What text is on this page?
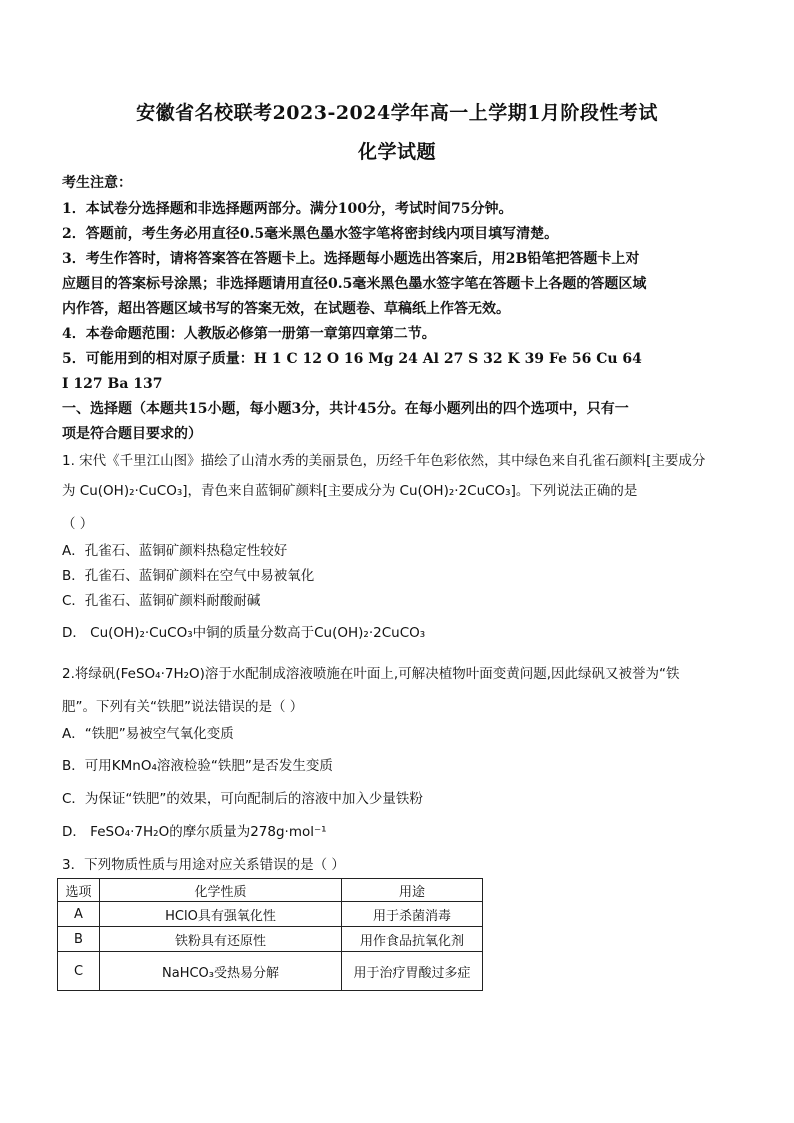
安徽省名校联考2023-2024学年高一上学期1月阶段性考试
化学试题
考生注意：
1．本试卷分选择题和非选择题两部分。满分100分，考试时间75分钟。
2．答题前，考生务必用直径0.5毫米黑色墨水签字笔将密封线内项目填写清楚。
3．考生作答时，请将答案答在答题卡上。选择题每小题选出答案后，用2B铅笔把答题卡上对
应题目的答案标号涂黑；非选择题请用直径0.5毫米黑色墨水签字笔在答题卡上各题的答题区域
内作答，超出答题区域书写的答案无效，在试题卷、草稿纸上作答无效。
4．本卷命题范围：人教版必修第一册第一章第四章第二节。
5．可能用到的相对原子质量：H 1 C 12 O 16 Mg 24 Al 27 S 32 K 39 Fe 56 Cu 64
I 127 Ba 137
一、选择题（本题共15小题，每小题3分，共计45分。在每小题列出的四个选项中，只有一
项是符合题目要求的）
1. 宋代《千里江山图》描绘了山清水秀的美丽景色，历经千年色彩依然，其中绿色来自孔雀石颜料[主要成分
为 Cu(OH)₂·CuCO₃]，青色来自蓝铜矿颜料[主要成分为 Cu(OH)₂·2CuCO₃]。下列说法正确的是
（ ）
A．孔雀石、蓝铜矿颜料热稳定性较好
B．孔雀石、蓝铜矿颜料在空气中易被氧化
C．孔雀石、蓝铜矿颜料耐酸耐碱
D． Cu(OH)₂·CuCO₃中铜的质量分数高于Cu(OH)₂·2CuCO₃
2.将绿矾(FeSO₄·7H₂O)溶于水配制成溶液喷施在叶面上,可解决植物叶面变黄问题,因此绿矾又被誉为“铁
肥”。下列有关“铁肥”说法错误的是（ ）
A．“铁肥”易被空气氧化变质
B．可用KMnO₄溶液检验“铁肥”是否发生变质
C．为保证“铁肥”的效果，可向配制后的溶液中加入少量铁粉
D． FeSO₄·7H₂O的摩尔质量为278g·mol⁻¹
3．下列物质性质与用途对应关系错误的是（ ）
选项	化学性质	用途
A	HClO具有强氧化性	用于杀菌消毒
B	铁粉具有还原性	用作食品抗氧化剂
C	NaHCO₃受热易分解	用于治疗胃酸过多症
